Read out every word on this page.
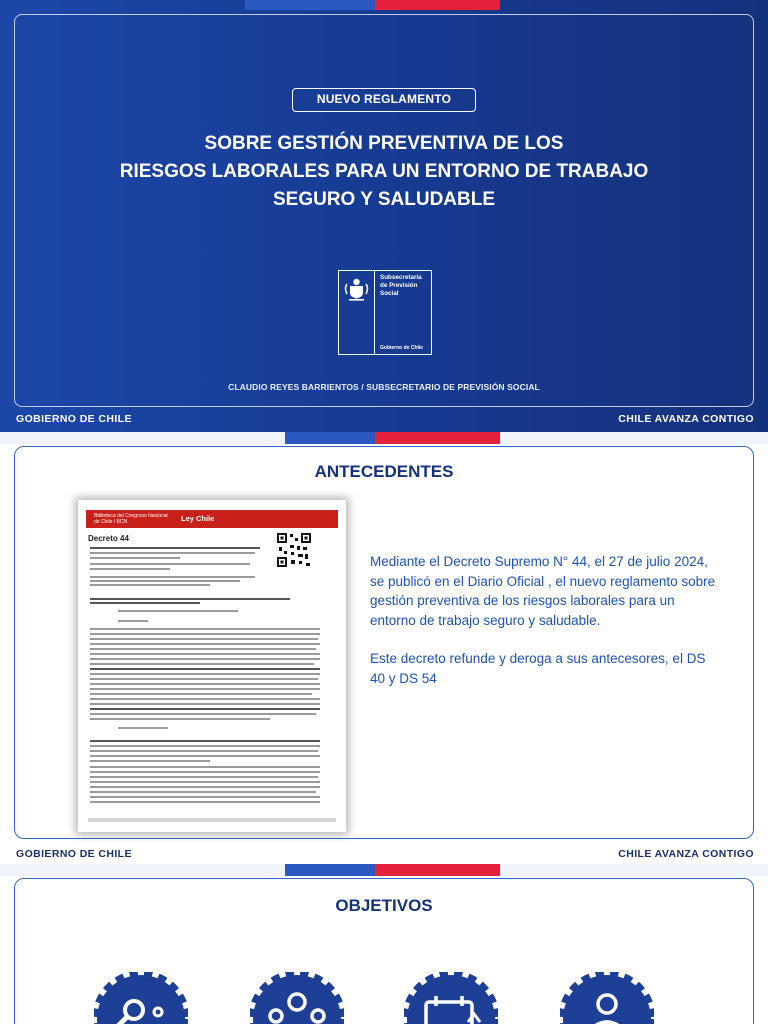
NUEVO REGLAMENTO
SOBRE GESTIÓN PREVENTIVA DE LOS
RIESGOS LABORALES PARA UN ENTORNO DE TRABAJO
SEGURO Y SALUDABLE
Subsecretaría
de Previsión
Social
Gobierno de Chile
CLAUDIO REYES BARRIENTOS / SUBSECRETARIO DE PREVISIÓN SOCIAL
GOBIERNO DE CHILE	CHILE AVANZA CONTIGO
ANTECEDENTES
Biblioteca del Congreso Nacional de Chile / BCN	Ley Chile
Decreto 44

Mediante el Decreto Supremo N° 44, el 27 de julio 2024, se publicó en el Diario Oficial , el nuevo reglamento sobre gestión preventiva de los riesgos laborales para un entorno de trabajo seguro y saludable.

Este decreto refunde y deroga a sus antecesores, el DS 40 y DS 54

GOBIERNO DE CHILE	CHILE AVANZA CONTIGO
OBJETIVOS
